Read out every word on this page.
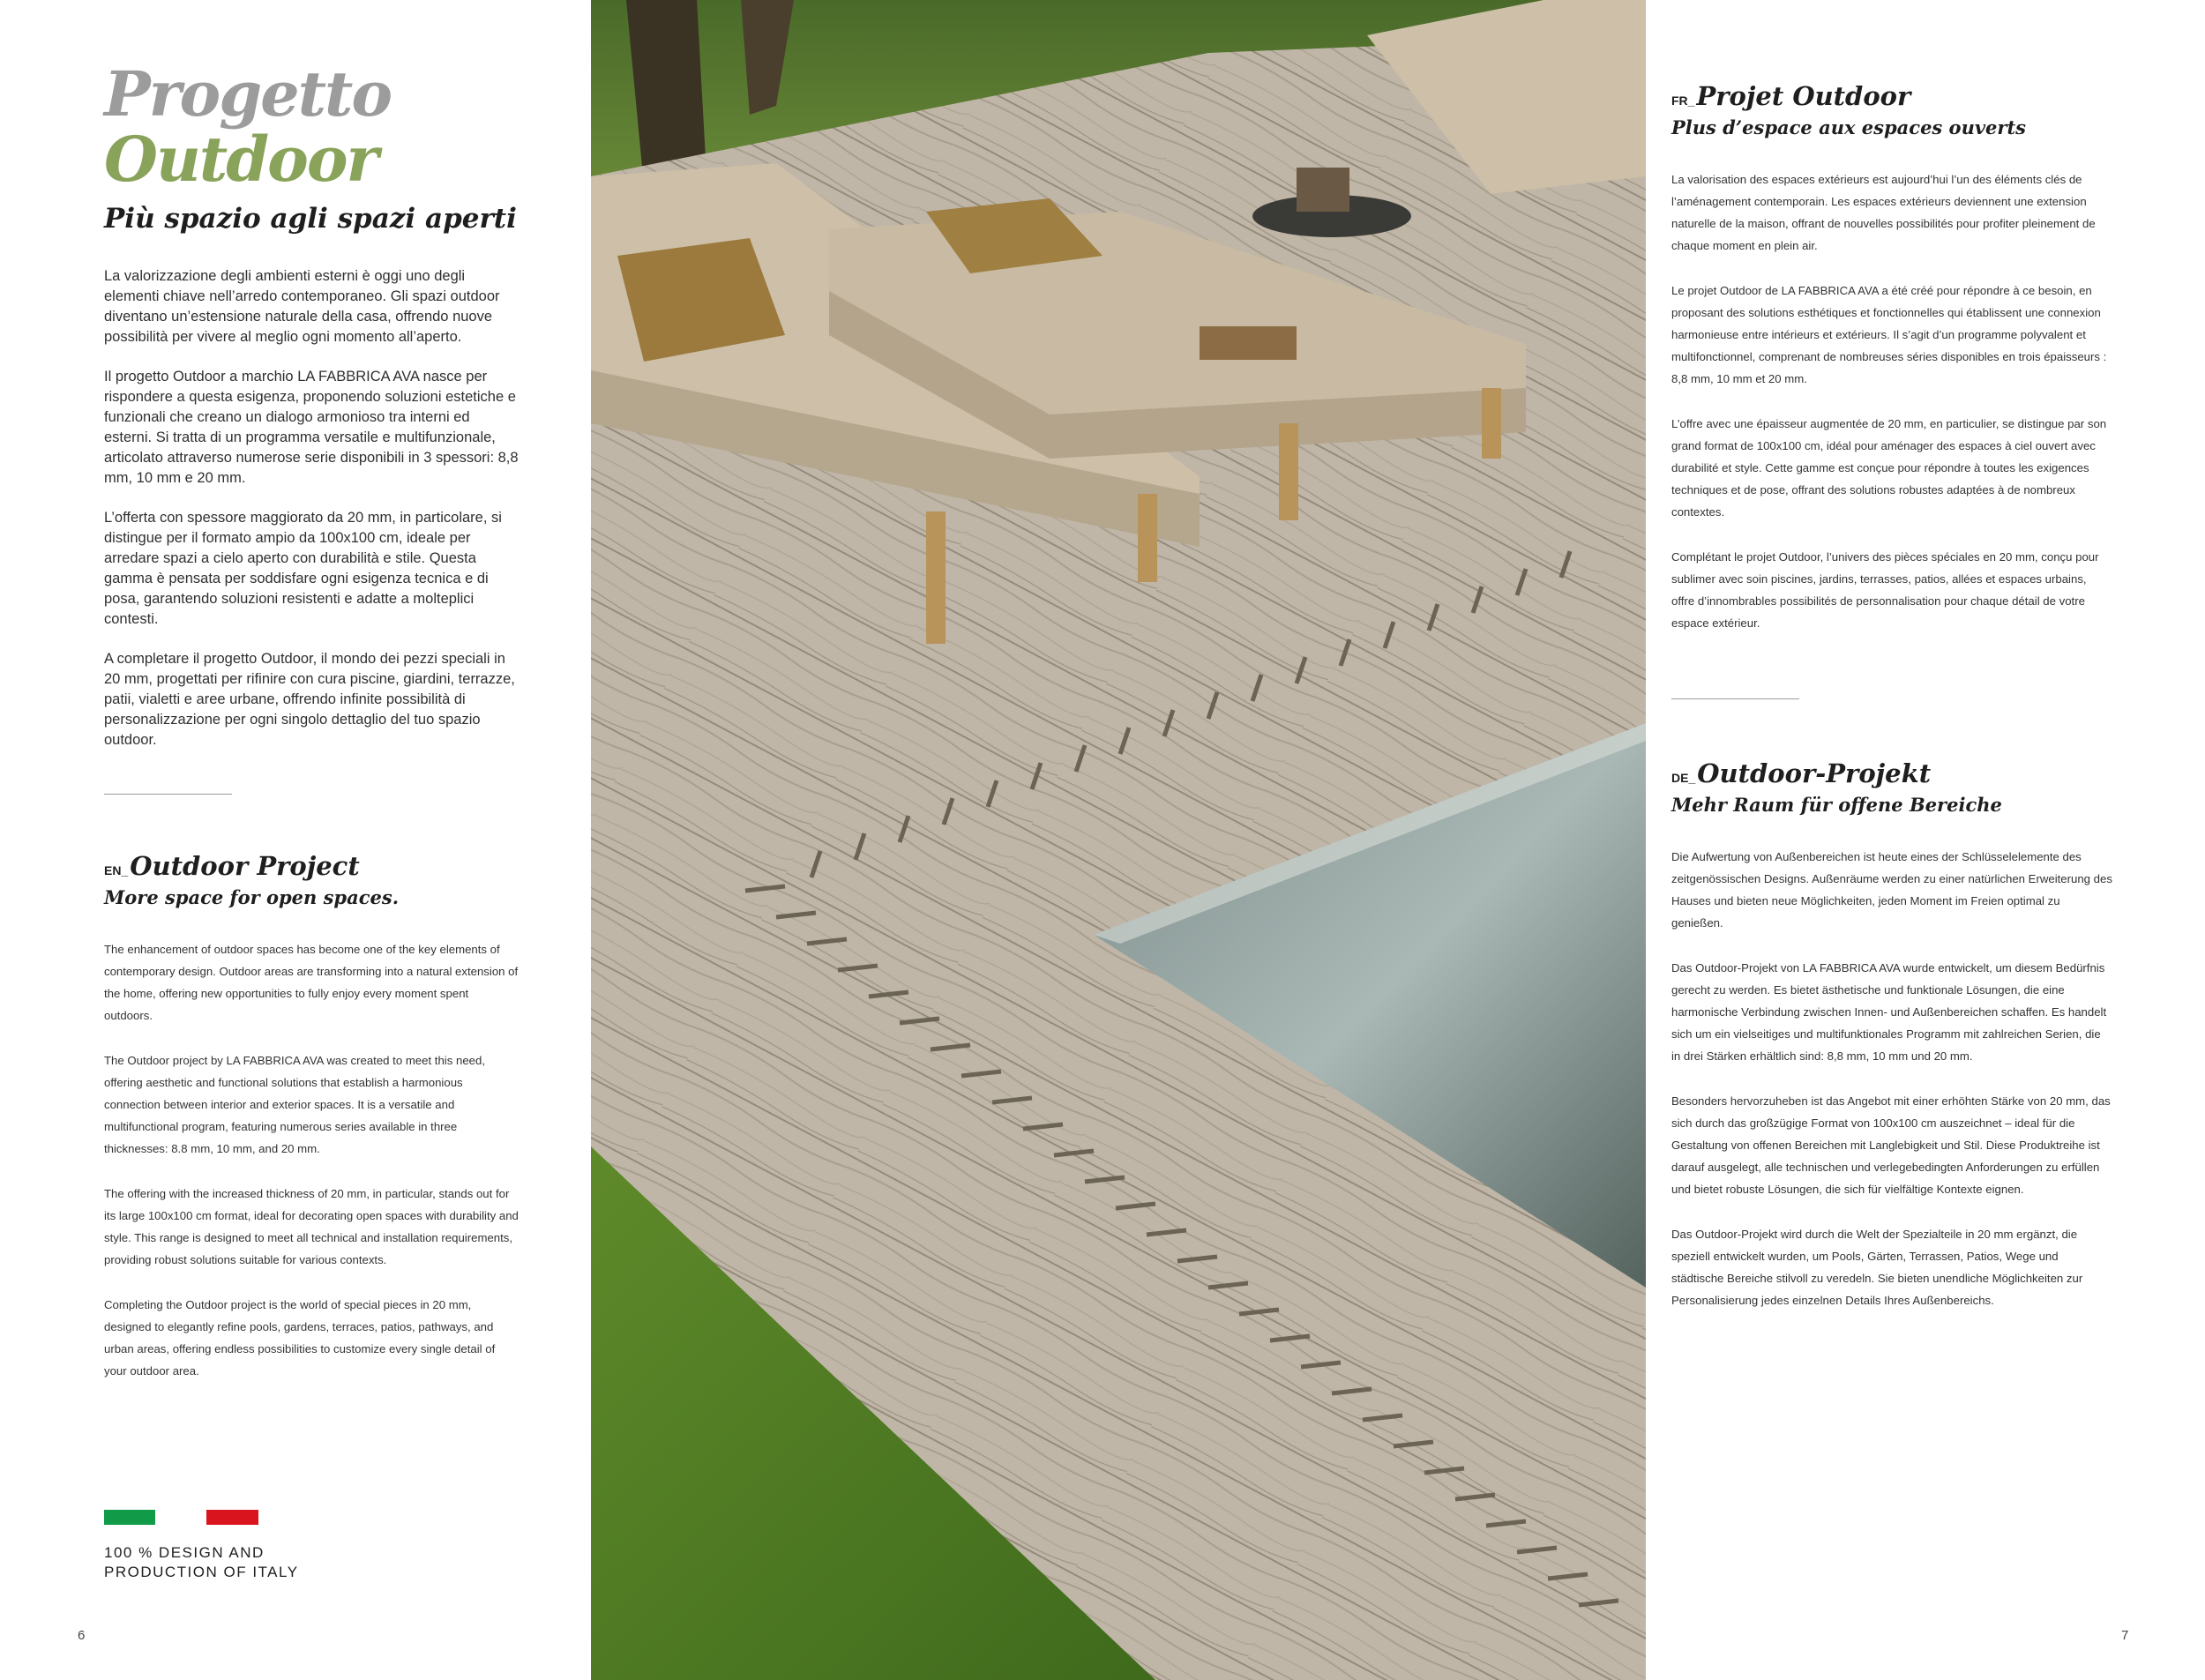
Progetto
Outdoor
Più spazio agli spazi aperti

La valorizzazione degli ambienti esterni è oggi uno degli elementi chiave nell’arredo contemporaneo. Gli spazi outdoor diventano un’estensione naturale della casa, offrendo nuove possibilità per vivere al meglio ogni momento all’aperto.

Il progetto Outdoor a marchio LA FABBRICA AVA nasce per rispondere a questa esigenza, proponendo soluzioni estetiche e funzionali che creano un dialogo armonioso tra interni ed esterni. Si tratta di un programma versatile e multifunzionale, articolato attraverso numerose serie disponibili in 3 spessori: 8,8 mm, 10 mm e 20 mm.

L’offerta con spessore maggiorato da 20 mm, in particolare, si distingue per il formato ampio da 100x100 cm, ideale per arredare spazi a cielo aperto con durabilità e stile. Questa gamma è pensata per soddisfare ogni esigenza tecnica e di posa, garantendo soluzioni resistenti e adatte a molteplici contesti.

A completare il progetto Outdoor, il mondo dei pezzi speciali in 20 mm, progettati per rifinire con cura piscine, giardini, terrazze, patii, vialetti e aree urbane, offrendo infinite possibilità di personalizzazione per ogni singolo dettaglio del tuo spazio outdoor.

EN_ Outdoor Project
More space for open spaces.

The enhancement of outdoor spaces has become one of the key elements of contemporary design. Outdoor areas are transforming into a natural extension of the home, offering new opportunities to fully enjoy every moment spent outdoors.

The Outdoor project by LA FABBRICA AVA was created to meet this need, offering aesthetic and functional solutions that establish a harmonious connection between interior and exterior spaces. It is a versatile and multifunctional program, featuring numerous series available in three thicknesses: 8.8 mm, 10 mm, and 20 mm.

The offering with the increased thickness of 20 mm, in particular, stands out for its large 100x100 cm format, ideal for decorating open spaces with durability and style. This range is designed to meet all technical and installation requirements, providing robust solutions suitable for various contexts.

Completing the Outdoor project is the world of special pieces in 20 mm, designed to elegantly refine pools, gardens, terraces, patios, pathways, and urban areas, offering endless possibilities to customize every single detail of your outdoor area.

100 % DESIGN AND
PRODUCTION OF ITALY
6
FR_ Projet Outdoor
Plus d’espace aux espaces ouverts

La valorisation des espaces extérieurs est aujourd’hui l’un des éléments clés de l’aménagement contemporain. Les espaces extérieurs deviennent une extension naturelle de la maison, offrant de nouvelles possibilités pour profiter pleinement de chaque moment en plein air.

Le projet Outdoor de LA FABBRICA AVA a été créé pour répondre à ce besoin, en proposant des solutions esthétiques et fonctionnelles qui établissent une connexion harmonieuse entre intérieurs et extérieurs. Il s’agit d’un programme polyvalent et multifonctionnel, comprenant de nombreuses séries disponibles en trois épaisseurs : 8,8 mm, 10 mm et 20 mm.

L’offre avec une épaisseur augmentée de 20 mm, en particulier, se distingue par son grand format de 100x100 cm, idéal pour aménager des espaces à ciel ouvert avec durabilité et style. Cette gamme est conçue pour répondre à toutes les exigences techniques et de pose, offrant des solutions robustes adaptées à de nombreux contextes.

Complétant le projet Outdoor, l’univers des pièces spéciales en 20 mm, conçu pour sublimer avec soin piscines, jardins, terrasses, patios, allées et espaces urbains, offre d’innombrables possibilités de personnalisation pour chaque détail de votre espace extérieur.

DE_ Outdoor-Projekt
Mehr Raum für offene Bereiche

Die Aufwertung von Außenbereichen ist heute eines der Schlüsselelemente des zeitgenössischen Designs. Außenräume werden zu einer natürlichen Erweiterung des Hauses und bieten neue Möglichkeiten, jeden Moment im Freien optimal zu genießen.

Das Outdoor-Projekt von LA FABBRICA AVA wurde entwickelt, um diesem Bedürfnis gerecht zu werden. Es bietet ästhetische und funktionale Lösungen, die eine harmonische Verbindung zwischen Innen- und Außenbereichen schaffen. Es handelt sich um ein vielseitiges und multifunktionales Programm mit zahlreichen Serien, die in drei Stärken erhältlich sind: 8,8 mm, 10 mm und 20 mm.

Besonders hervorzuheben ist das Angebot mit einer erhöhten Stärke von 20 mm, das sich durch das großzügige Format von 100x100 cm auszeichnet – ideal für die Gestaltung von offenen Bereichen mit Langlebigkeit und Stil. Diese Produktreihe ist darauf ausgelegt, alle technischen und verlegebedingten Anforderungen zu erfüllen und bietet robuste Lösungen, die sich für vielfältige Kontexte eignen.

Das Outdoor-Projekt wird durch die Welt der Spezialteile in 20 mm ergänzt, die speziell entwickelt wurden, um Pools, Gärten, Terrassen, Patios, Wege und städtische Bereiche stilvoll zu veredeln. Sie bieten unendliche Möglichkeiten zur Personalisierung jedes einzelnen Details Ihres Außenbereichs.

7
